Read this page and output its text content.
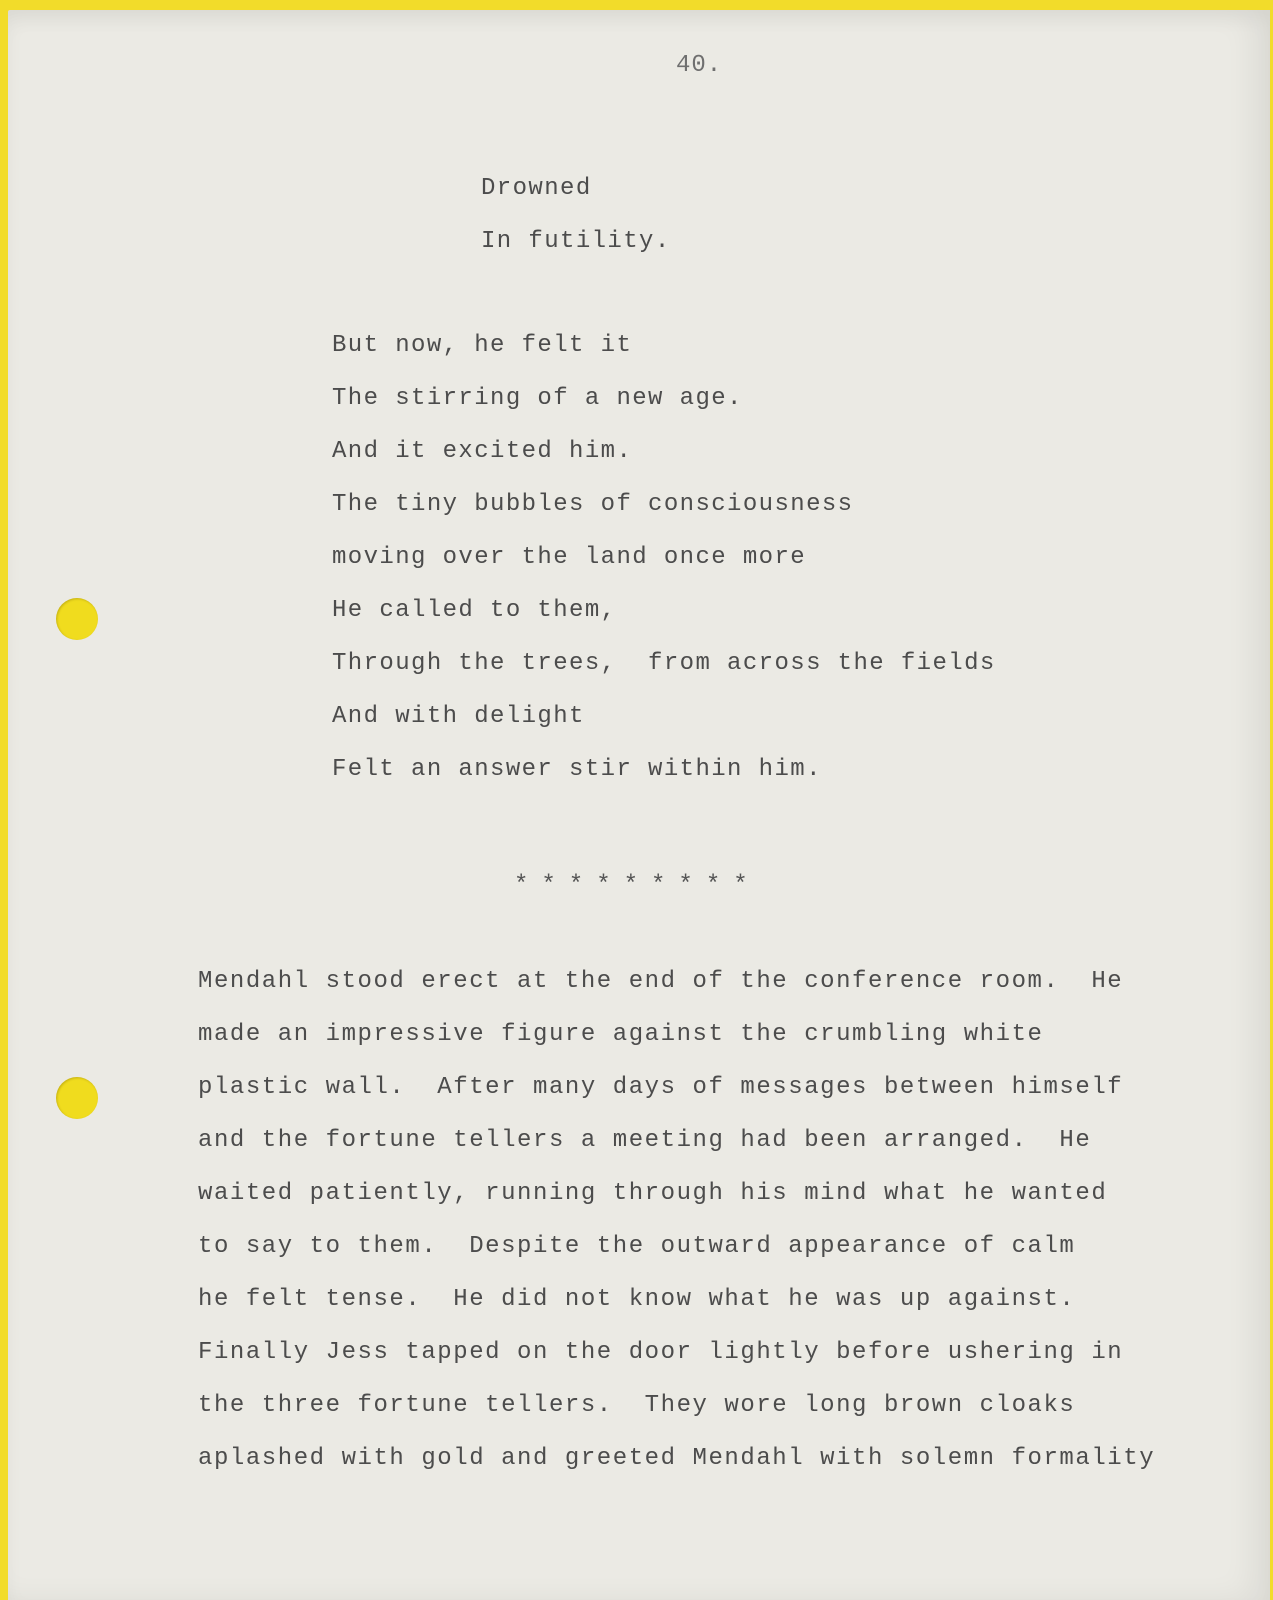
40.
Drowned
In futility.
But now, he felt it
The stirring of a new age.
And it excited him.
The tiny bubbles of consciousness
moving over the land once more
He called to them,
Through the trees,  from across the fields
And with delight
Felt an answer stir within him.
*********
Mendahl stood erect at the end of the conference room.  He
made an impressive figure against the crumbling white
plastic wall.  After many days of messages between himself
and the fortune tellers a meeting had been arranged.  He
waited patiently, running through his mind what he wanted
to say to them.  Despite the outward appearance of calm
he felt tense.  He did not know what he was up against.
Finally Jess tapped on the door lightly before ushering in
the three fortune tellers.  They wore long brown cloaks
aplashed with gold and greeted Mendahl with solemn formality
